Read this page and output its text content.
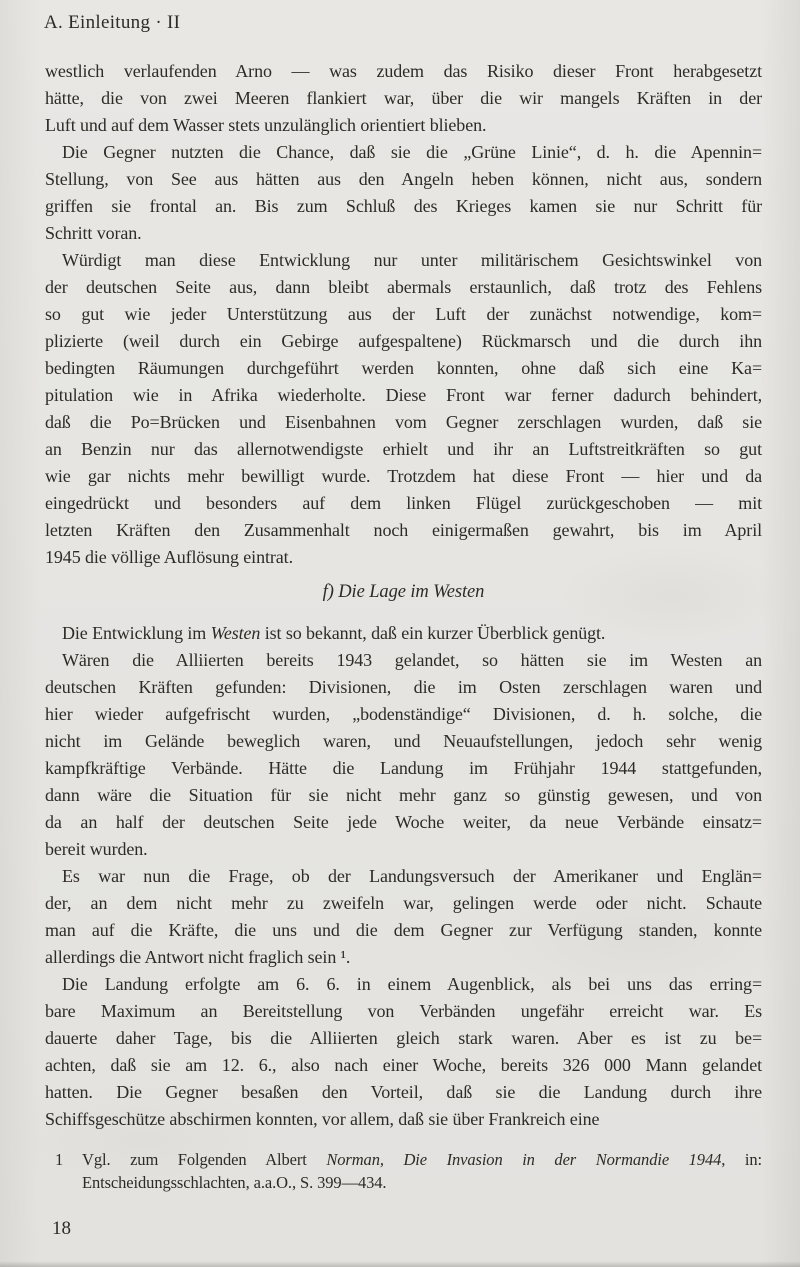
A. Einleitung · II
westlich verlaufenden Arno — was zudem das Risiko dieser Front herabgesetzt
hätte, die von zwei Meeren flankiert war, über die wir mangels Kräften in der
Luft und auf dem Wasser stets unzulänglich orientiert blieben.
Die Gegner nutzten die Chance, daß sie die „Grüne Linie“, d. h. die Apennin=
Stellung, von See aus hätten aus den Angeln heben können, nicht aus, sondern
griffen sie frontal an. Bis zum Schluß des Krieges kamen sie nur Schritt für
Schritt voran.
Würdigt man diese Entwicklung nur unter militärischem Gesichtswinkel von
der deutschen Seite aus, dann bleibt abermals erstaunlich, daß trotz des Fehlens
so gut wie jeder Unterstützung aus der Luft der zunächst notwendige, kom=
plizierte (weil durch ein Gebirge aufgespaltene) Rückmarsch und die durch ihn
bedingten Räumungen durchgeführt werden konnten, ohne daß sich eine Ka=
pitulation wie in Afrika wiederholte. Diese Front war ferner dadurch behindert,
daß die Po=Brücken und Eisenbahnen vom Gegner zerschlagen wurden, daß sie
an Benzin nur das allernotwendigste erhielt und ihr an Luftstreitkräften so gut
wie gar nichts mehr bewilligt wurde. Trotzdem hat diese Front — hier und da
eingedrückt und besonders auf dem linken Flügel zurückgeschoben — mit
letzten Kräften den Zusammenhalt noch einigermaßen gewahrt, bis im April
1945 die völlige Auflösung eintrat.
f) Die Lage im Westen
Die Entwicklung im Westen ist so bekannt, daß ein kurzer Überblick genügt.
Wären die Alliierten bereits 1943 gelandet, so hätten sie im Westen an
deutschen Kräften gefunden: Divisionen, die im Osten zerschlagen waren und
hier wieder aufgefrischt wurden, „bodenständige“ Divisionen, d. h. solche, die
nicht im Gelände beweglich waren, und Neuaufstellungen, jedoch sehr wenig
kampfkräftige Verbände. Hätte die Landung im Frühjahr 1944 stattgefunden,
dann wäre die Situation für sie nicht mehr ganz so günstig gewesen, und von
da an half der deutschen Seite jede Woche weiter, da neue Verbände einsatz=
bereit wurden.
Es war nun die Frage, ob der Landungsversuch der Amerikaner und Englän=
der, an dem nicht mehr zu zweifeln war, gelingen werde oder nicht. Schaute
man auf die Kräfte, die uns und die dem Gegner zur Verfügung standen, konnte
allerdings die Antwort nicht fraglich sein ¹.
Die Landung erfolgte am 6. 6. in einem Augenblick, als bei uns das erring=
bare Maximum an Bereitstellung von Verbänden ungefähr erreicht war. Es
dauerte daher Tage, bis die Alliierten gleich stark waren. Aber es ist zu be=
achten, daß sie am 12. 6., also nach einer Woche, bereits 326 000 Mann gelandet
hatten. Die Gegner besaßen den Vorteil, daß sie die Landung durch ihre
Schiffsgeschütze abschirmen konnten, vor allem, daß sie über Frankreich eine
1 Vgl. zum Folgenden Albert Norman, Die Invasion in der Normandie 1944, in:
Entscheidungsschlachten, a.a.O., S. 399—434.
18
